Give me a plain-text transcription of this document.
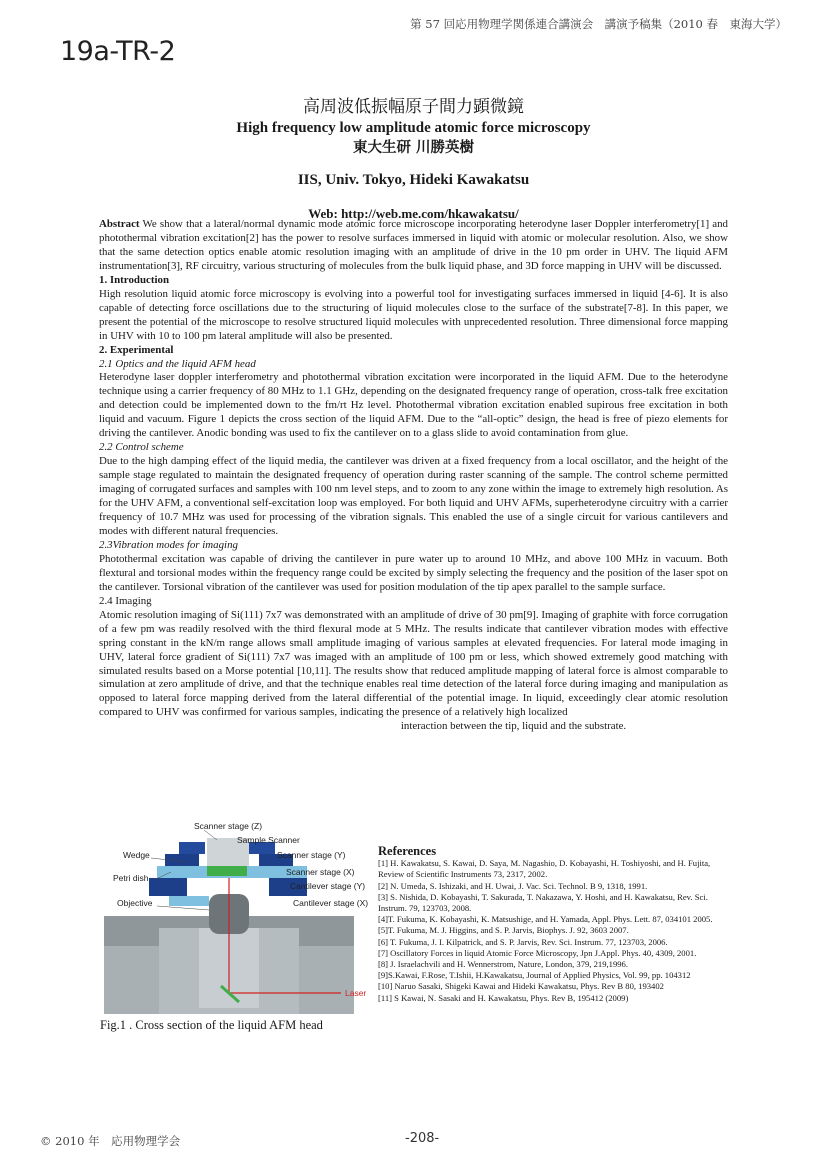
第 57 回応用物理学関係連合講演会　講演予稿集（2010 春　東海大学）
19a-TR-2

高周波低振幅原子間力顕微鏡

High frequency low amplitude atomic force microscopy

東大生研 川勝英樹

IIS, Univ. Tokyo, Hideki Kawakatsu

Web: http://web.me.com/hkawakatsu/

Abstract We show that a lateral/normal dynamic mode atomic force microscope incorporating heterodyne laser Doppler interferometry[1] and photothermal vibration excitation[2] has the power to resolve surfaces immersed in liquid with atomic or molecular resolution. Also, we show that the same detection optics enable atomic resolution imaging with an amplitude of drive in the 10 pm order in UHV. The liquid AFM instrumentation[3], RF circuitry, various structuring of molecules from the bulk liquid phase, and 3D force mapping in UHV will be discussed.

1. Introduction

High resolution liquid atomic force microscopy is evolving into a powerful tool for investigating surfaces immersed in liquid [4-6]. It is also capable of detecting force oscillations due to the structuring of liquid molecules close to the surface of the substrate[7-8]. In this paper, we present the potential of the microscope to resolve structured liquid molecules with unprecedented resolution. Three dimensional force mapping in UHV with 10 to 100 pm lateral amplitude will also be presented.

2. Experimental

2.1 Optics and the liquid AFM head

Heterodyne laser doppler interferometry and photothermal vibration excitation were incorporated in the liquid AFM. Due to the heterodyne technique using a carrier frequency of 80 MHz to 1.1 GHz, depending on the designated frequency range of operation, cross-talk free excitation and detection could be implemented down to the fm/rt Hz level. Photothermal vibration excitation enabled supirous free excitation in both liquid and vacuum. Figure 1 depicts the cross section of the liquid AFM. Due to the “all-optic” design, the head is free of piezo elements for driving the cantilever. Anodic bonding was used to fix the cantilever on to a glass slide to avoid contamination from glue.

2.2 Control scheme

Due to the high damping effect of the liquid media, the cantilever was driven at a fixed frequency from a local oscillator, and the height of the sample stage regulated to maintain the designated frequency of operation during raster scanning of the sample. The control scheme permitted imaging of corrugated surfaces and samples with 100 nm level steps, and to zoom to any zone within the image to extremely high resolution. As for the UHV AFM, a conventional self-excitation loop was employed. For both liquid and UHV AFMs, superheterodyne circuitry with a carrier frequency of 10.7 MHz was used for processing of the vibration signals. This enabled the use of a single circuit for various cantilevers and modes with different natural frequencies.

2.3Vibration modes for imaging

Photothermal excitation was capable of driving the cantilever in pure water up to around 10 MHz, and above 100 MHz in vacuum. Both flextural and torsional modes within the frequency range could be excited by simply selecting the frequency and the position of the laser spot on the cantilever. Torsional vibration of the cantilever was used for position modulation of the tip apex parallel to the sample surface.

2.4 Imaging

Atomic resolution imaging of Si(111) 7x7 was demonstrated with an amplitude of drive of 30 pm[9]. Imaging of graphite with force corrugation of a few pm was readily resolved with the third flexural mode at 5 MHz. The results indicate that cantilever vibration modes with effective spring constant in the kN/m range allows small amplitude imaging of various samples at elevated frequencies. For lateral mode imaging in UHV, lateral force gradient of Si(111) 7x7 was imaged with an amplitude of 100 pm or less, which showed extremely good matching with simulated results based on a Morse potential [10,11]. The results show that reduced amplitude mapping of lateral force is almost comparable to simulation at zero amplitude of drive, and that the technique enables real time detection of the lateral force during imaging and manipulation as opposed to lateral force mapping derived from the lateral differential of the potential image. In liquid, exceedingly clear atomic resolution compared to UHV was confirmed for various samples, indicating the presence of a relatively high localized

interaction between the tip, liquid and the substrate.

Scanner stage (Z)
Sample Scanner
Wedge	Scanner stage (Y)
Petri dish
Scanner stage (X)
Cantilever stage (Y)
Objective	Cantilever stage (X)
Laser
Fig.1 . Cross section of the liquid AFM head
References

[1] H. Kawakatsu, S. Kawai, D. Saya, M. Nagashio, D. Kobayashi, H. Toshiyoshi, and H. Fujita, Review of Scientific Instruments 73, 2317, 2002.

[2] N. Umeda, S. Ishizaki, and H. Uwai, J. Vac. Sci. Technol. B 9, 1318, 1991.

[3] S. Nishida, D. Kobayashi, T. Sakurada, T. Nakazawa, Y. Hoshi, and H. Kawakatsu, Rev. Sci. Instrum. 79, 123703, 2008.

[4]T. Fukuma, K. Kobayashi, K. Matsushige, and H. Yamada, Appl. Phys. Lett. 87, 034101 2005.

[5]T. Fukuma, M. J. Higgins, and S. P. Jarvis, Biophys. J. 92, 3603 2007.

[6] T. Fukuma, J. I. Kilpatrick, and S. P. Jarvis, Rev. Sci. Instrum. 77, 123703, 2006.

[7] Oscillatory Forces in liquid Atomic Force Microscopy, Jpn J.Appl. Phys. 40, 4309, 2001.

[8] J. Israelachvili and H. Wennerstrom, Nature, London, 379, 219,1996.

[9]S.Kawai, F.Rose, T.Ishii, H.Kawakatsu, Journal of Applied Physics, Vol. 99, pp. 104312

[10] Naruo Sasaki, Shigeki Kawai and Hideki Kawakatsu, Phys. Rev B 80, 193402

[11] S Kawai, N. Sasaki and H. Kawakatsu, Phys. Rev B, 195412 (2009)

© 2010 年　応用物理学会	-208-
